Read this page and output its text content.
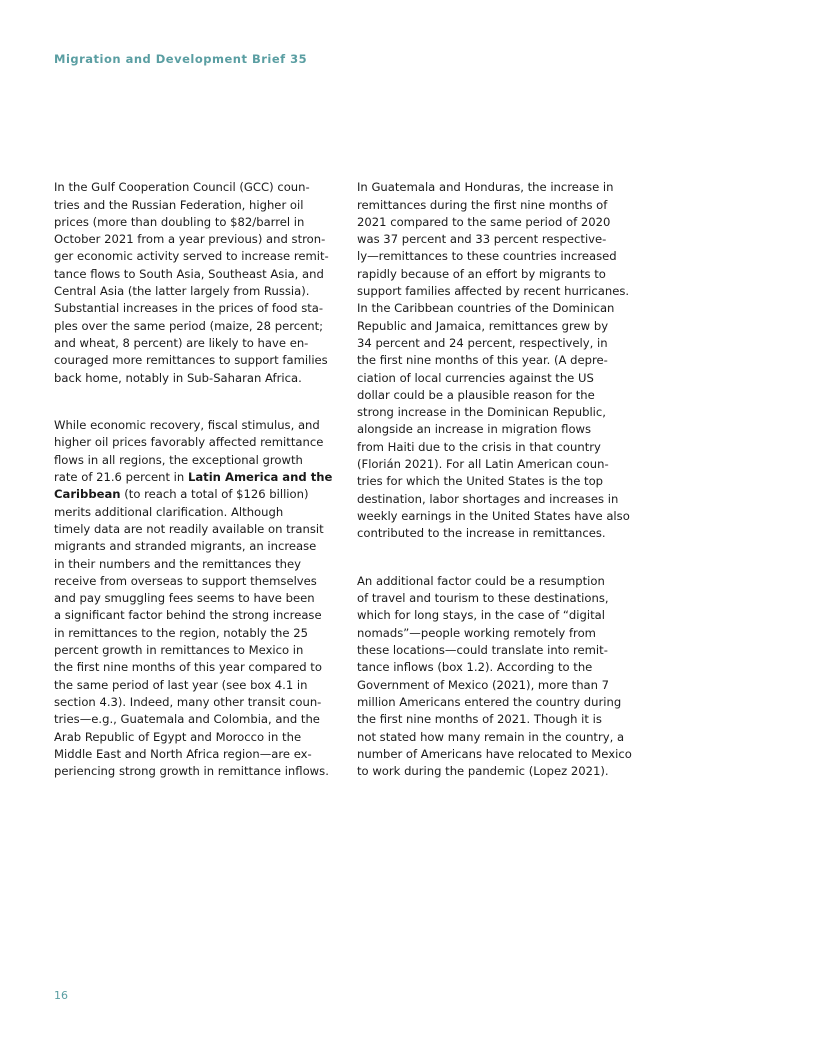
Migration and Development Brief 35

In the Gulf Cooperation Council (GCC) coun-
tries and the Russian Federation, higher oil
prices (more than doubling to $82/barrel in
October 2021 from a year previous) and stron-
ger economic activity served to increase remit-
tance flows to South Asia, Southeast Asia, and
Central Asia (the latter largely from Russia).
Substantial increases in the prices of food sta-
ples over the same period (maize, 28 percent;
and wheat, 8 percent) are likely to have en-
couraged more remittances to support families
back home, notably in Sub-Saharan Africa.

While economic recovery, fiscal stimulus, and
higher oil prices favorably affected remittance
flows in all regions, the exceptional growth
rate of 21.6 percent in Latin America and the
Caribbean (to reach a total of $126 billion)
merits additional clarification. Although
timely data are not readily available on transit
migrants and stranded migrants, an increase
in their numbers and the remittances they
receive from overseas to support themselves
and pay smuggling fees seems to have been
a significant factor behind the strong increase
in remittances to the region, notably the 25
percent growth in remittances to Mexico in
the first nine months of this year compared to
the same period of last year (see box 4.1 in
section 4.3). Indeed, many other transit coun-
tries—e.g., Guatemala and Colombia, and the
Arab Republic of Egypt and Morocco in the
Middle East and North Africa region—are ex-
periencing strong growth in remittance inflows.

In Guatemala and Honduras, the increase in
remittances during the first nine months of
2021 compared to the same period of 2020
was 37 percent and 33 percent respective-
ly—remittances to these countries increased
rapidly because of an effort by migrants to
support families affected by recent hurricanes.
In the Caribbean countries of the Dominican
Republic and Jamaica, remittances grew by
34 percent and 24 percent, respectively, in
the first nine months of this year. (A depre-
ciation of local currencies against the US
dollar could be a plausible reason for the
strong increase in the Dominican Republic,
alongside an increase in migration flows
from Haiti due to the crisis in that country
(Florián 2021). For all Latin American coun-
tries for which the United States is the top
destination, labor shortages and increases in
weekly earnings in the United States have also
contributed to the increase in remittances.

An additional factor could be a resumption
of travel and tourism to these destinations,
which for long stays, in the case of “digital
nomads”—people working remotely from
these locations—could translate into remit-
tance inflows (box 1.2). According to the
Government of Mexico (2021), more than 7
million Americans entered the country during
the first nine months of 2021. Though it is
not stated how many remain in the country, a
number of Americans have relocated to Mexico
to work during the pandemic (Lopez 2021).

16
